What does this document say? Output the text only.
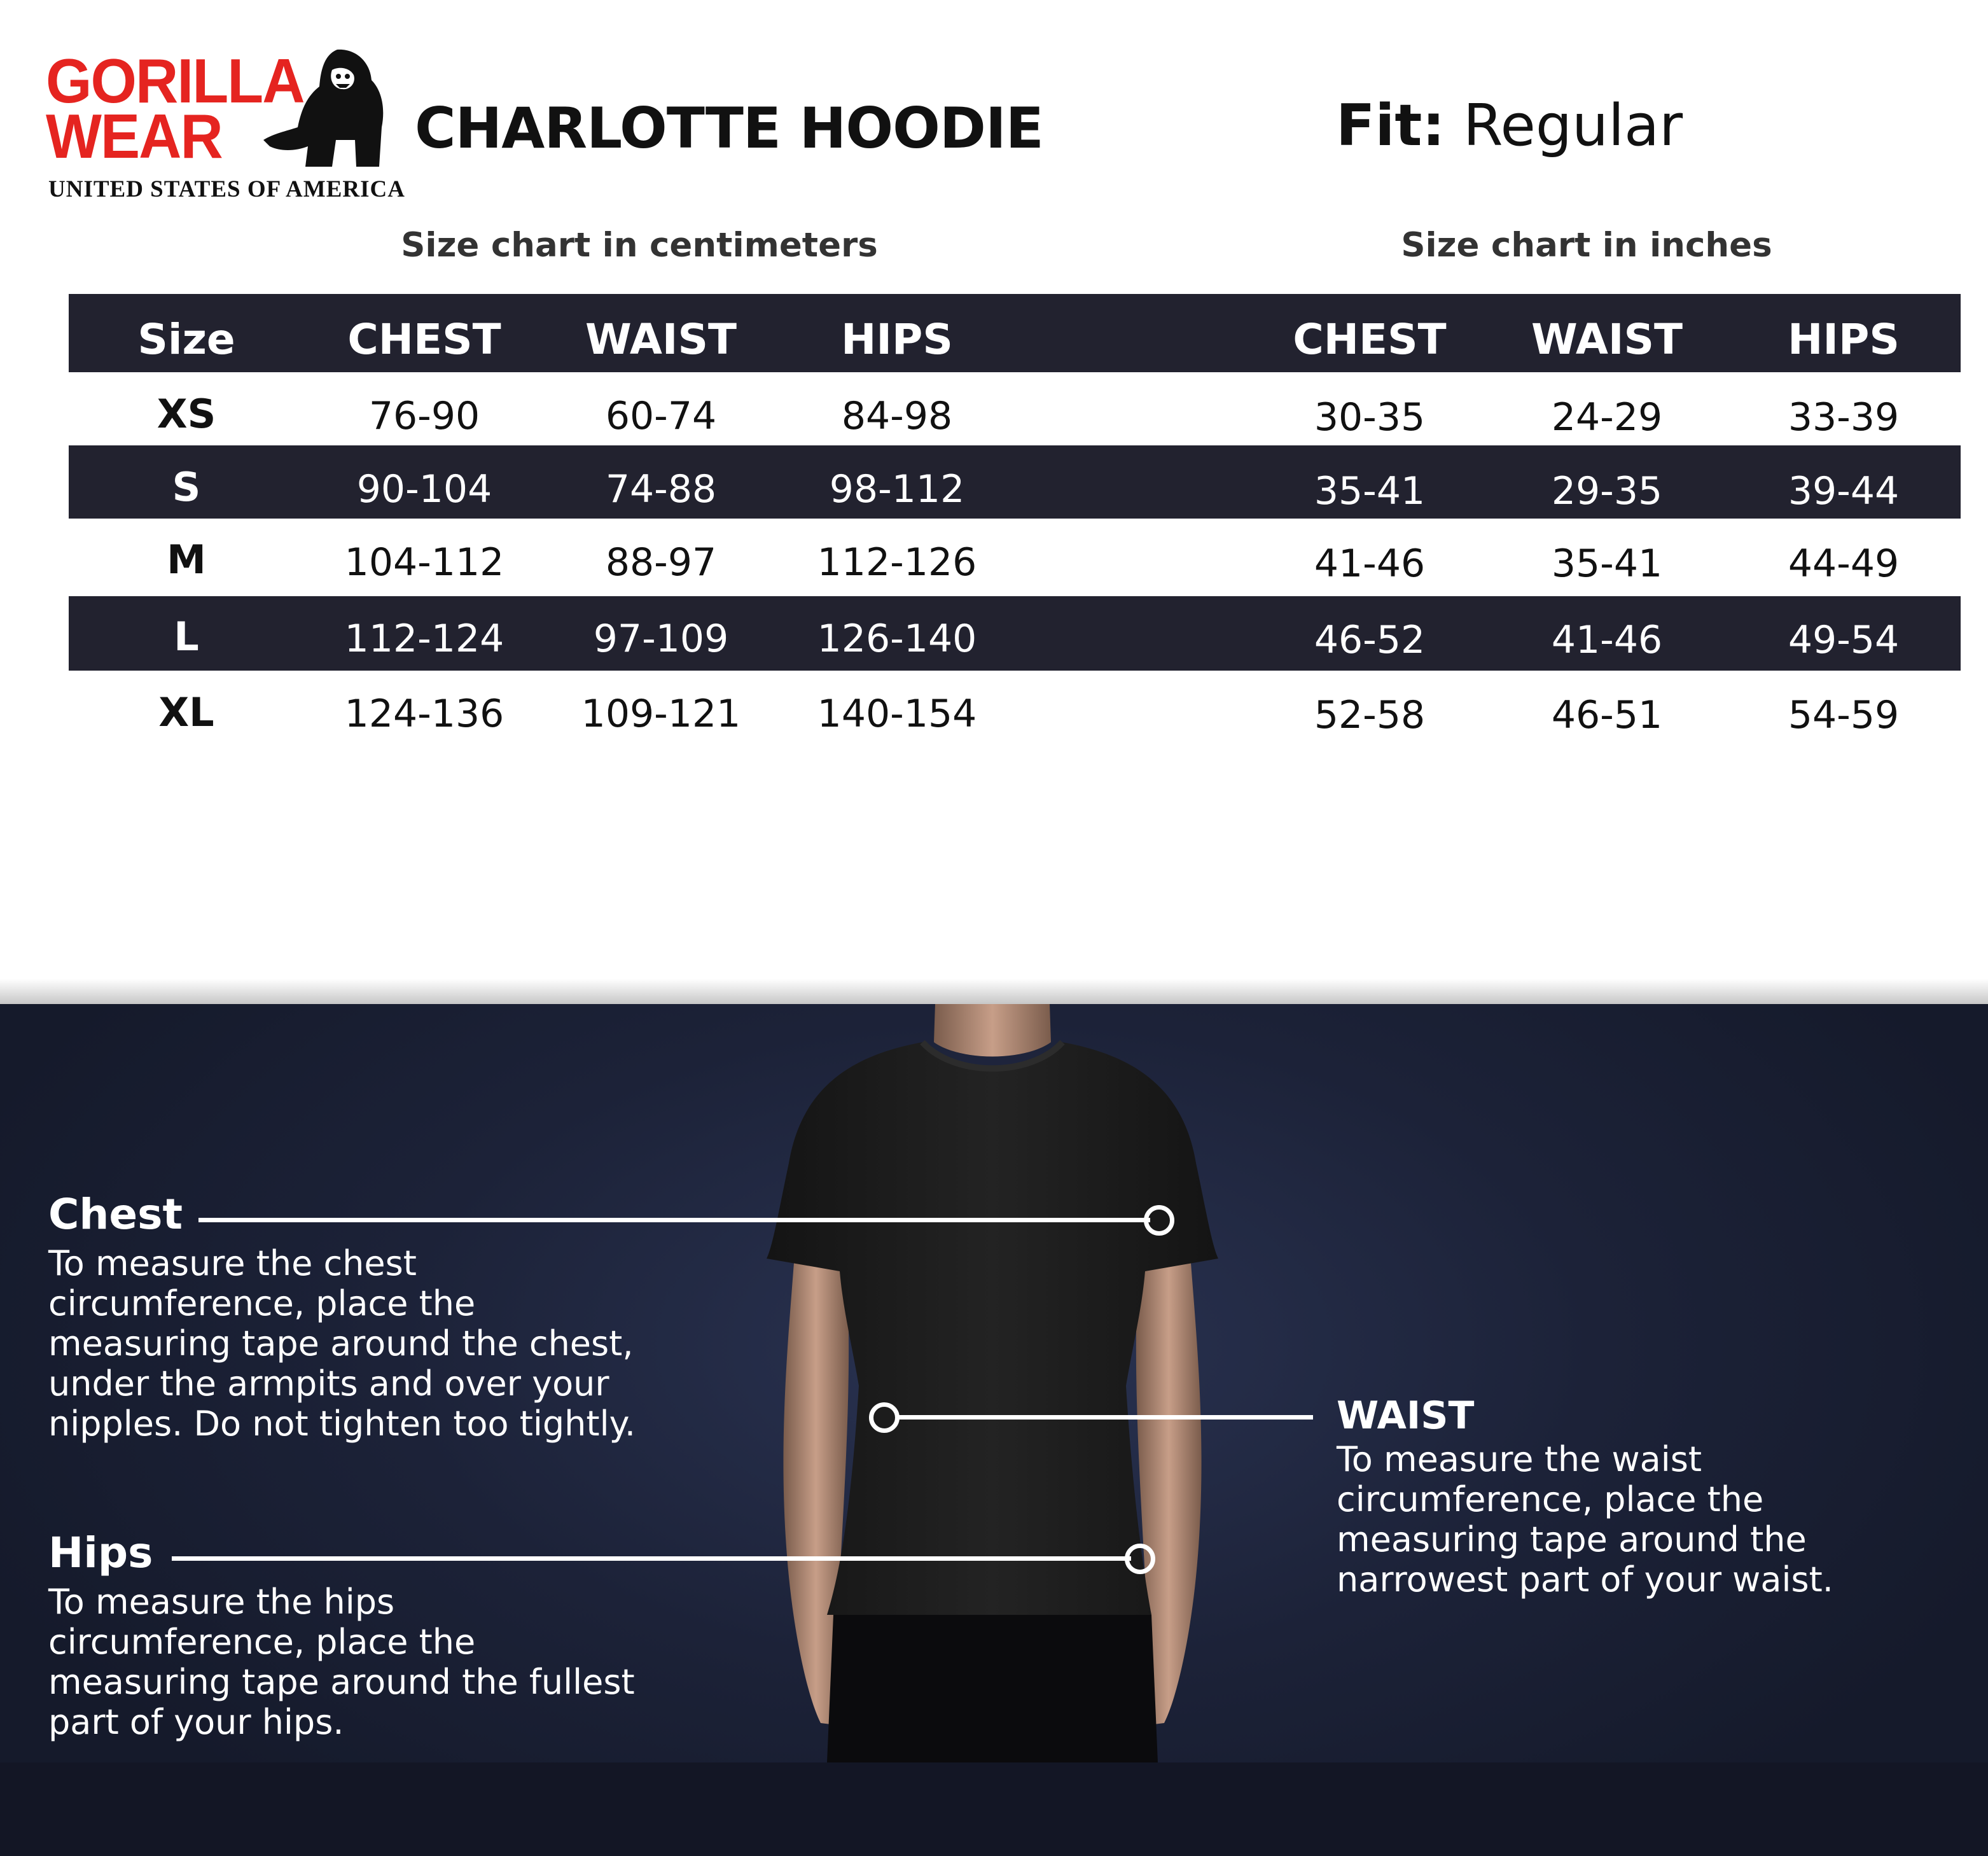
GORILLA
WEAR
UNITED STATES OF AMERICA
CHARLOTTE HOODIE	Fit: Regular
Size chart in centimeters	Size chart in inches
Size	CHEST WAIST HIPS	CHEST WAIST	HIPS
XS	76-90	60-74	84-98	30-35	24-29	33-39
S	90-104	74-88	98-112	35-41	29-35	39-44
M	104-112	88-97	112-126	41-46	35-41	44-49
L	112-124 97-109 126-140	46-52	41-46	49-54
XL	124-136 109-121 140-154	52-58	46-51	54-59
Chest
To measure the chest
circumference, place the
measuring tape around the chest,
under the armpits and over your
nipples. Do not tighten too tightly.	WAIST
To measure the waist
circumference, place the
measuring tape around the
narrowest part of your waist.
Hips
To measure the hips
circumference, place the
measuring tape around the fullest
part of your hips.
